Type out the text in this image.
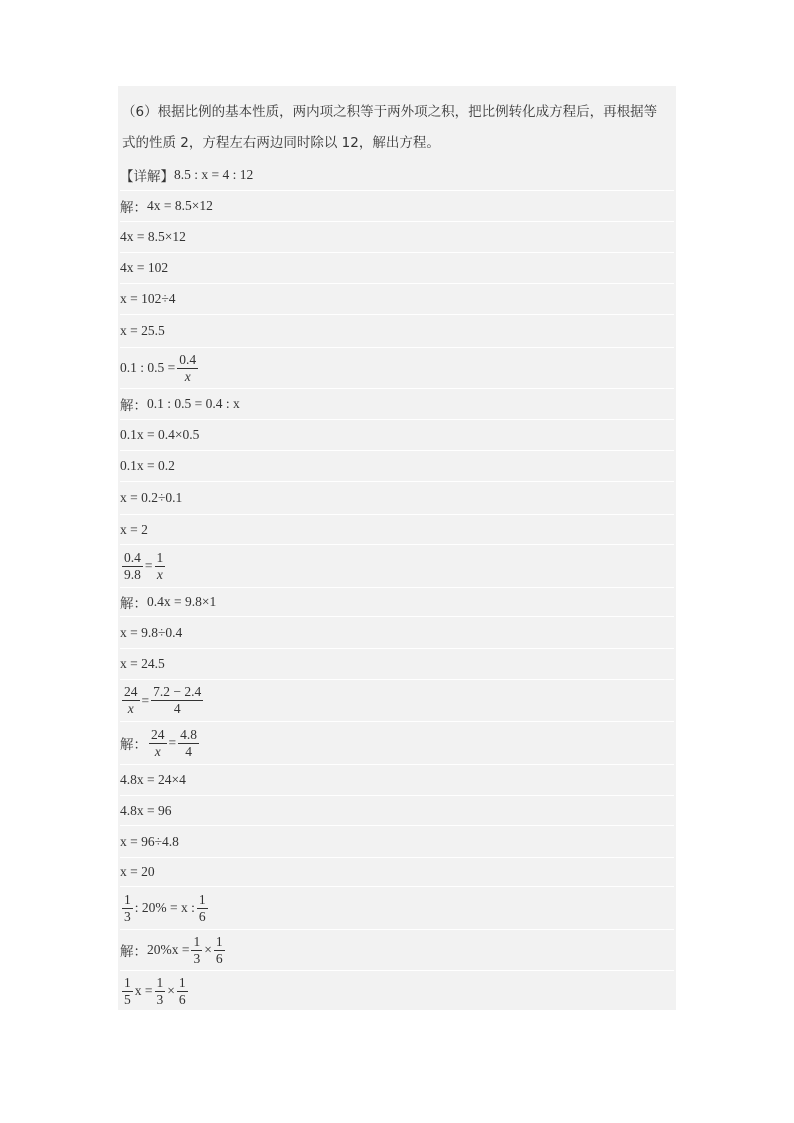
（6）根据比例的基本性质，两内项之积等于两外项之积，把比例转化成方程后，再根据等

式的性质 2，方程左右两边同时除以 12，解出方程。

【详解】 8.5 : x = 4 : 12
解： 4x = 8.5×12
4x = 8.5×12
4x = 102
x = 102÷4
x = 25.5
0.1 : $0.5 = \frac{0.4}{x}$
解： 0.1 : 0.5 = 0.4 : x
0.1x = 0.4×0.5
0.1x = 0.2
x = 0.2÷0.1
x = 2
$\frac{0.4}{9.8} = \frac{1}{x}$
解： 0.4x = 9.8×1
x = 9.8÷0.4
x = 24.5
$\frac{24}{x} = \frac{7.2 - 2.4}{4}$
解： $\frac{24}{x} = \frac{4.8}{4}$
4.8x = 24×4
4.8x = 96
x = 96÷4.8
x = 20
$\frac{1}{3}$ : 20% = x : $\frac{1}{6}$
解： $20\%x = \frac{1}{3} \times \frac{1}{6}$
$\frac{1}{5}$ $x = \frac{1}{3} \times \frac{1}{6}$
